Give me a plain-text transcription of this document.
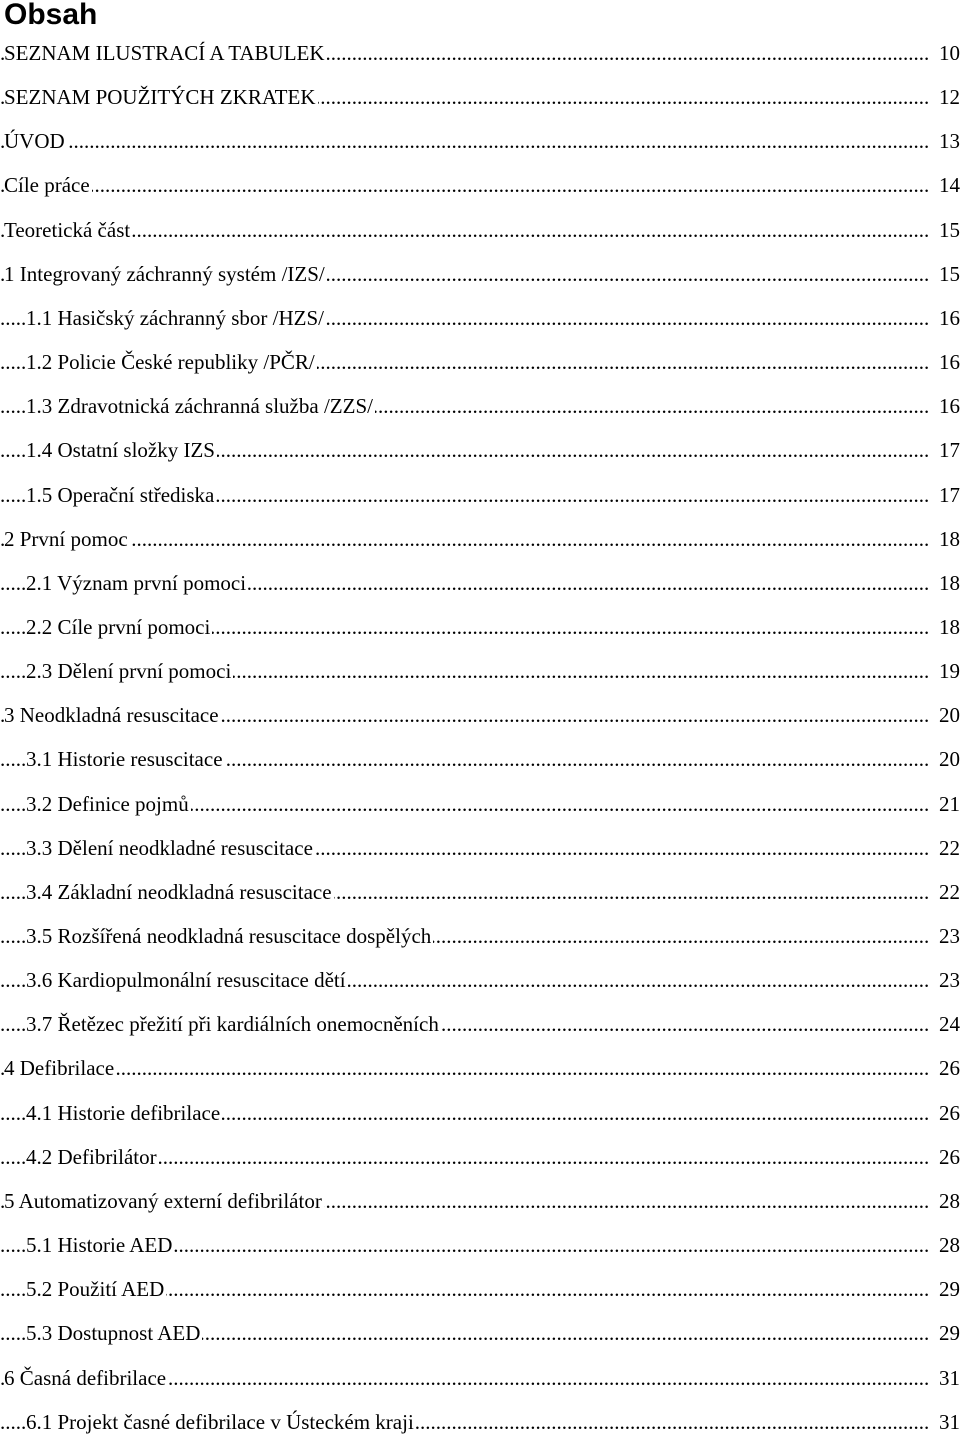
Obsah
.....
SEZNAM ILUSTRACÍ A TABULEK	10
.....
SEZNAM POUŽITÝCH ZKRATEK	12
.....
ÚVOD	13
.....
Cíle práce	14
.....
Teoretická část	15
.....
1 Integrovaný záchranný systém /IZS/	15
.....
1.1 Hasičský záchranný sbor /HZS/	16
.....
1.2 Policie České republiky /PČR/	16
.....
1.3 Zdravotnická záchranná služba /ZZS/	16
.....
1.4 Ostatní složky IZS	17
.....
1.5 Operační střediska	17
.....
2 První pomoc	18
.....
2.1 Význam první pomoci	18
.....
2.2 Cíle první pomoci	18
.....
2.3 Dělení první pomoci	19
.....
3 Neodkladná resuscitace	20
.....
3.1 Historie resuscitace	20
.....
3.2 Definice pojmů	21
.....
3.3 Dělení neodkladné resuscitace	22
.....
3.4 Základní neodkladná resuscitace	22
.....
3.5 Rozšířená neodkladná resuscitace dospělých	23
.....
3.6 Kardiopulmonální resuscitace dětí	23
.....
3.7 Řetězec přežití při kardiálních onemocněních	24
.....
4 Defibrilace	26
.....
4.1 Historie defibrilace	26
.....
4.2 Defibrilátor	26
.....
5 Automatizovaný externí defibrilátor	28
.....
5.1 Historie AED	28
.....
5.2 Použití AED	29
.....
5.3 Dostupnost AED	29
.....
6 Časná defibrilace	31
.....
6.1 Projekt časné defibrilace v Ústeckém kraji	31
